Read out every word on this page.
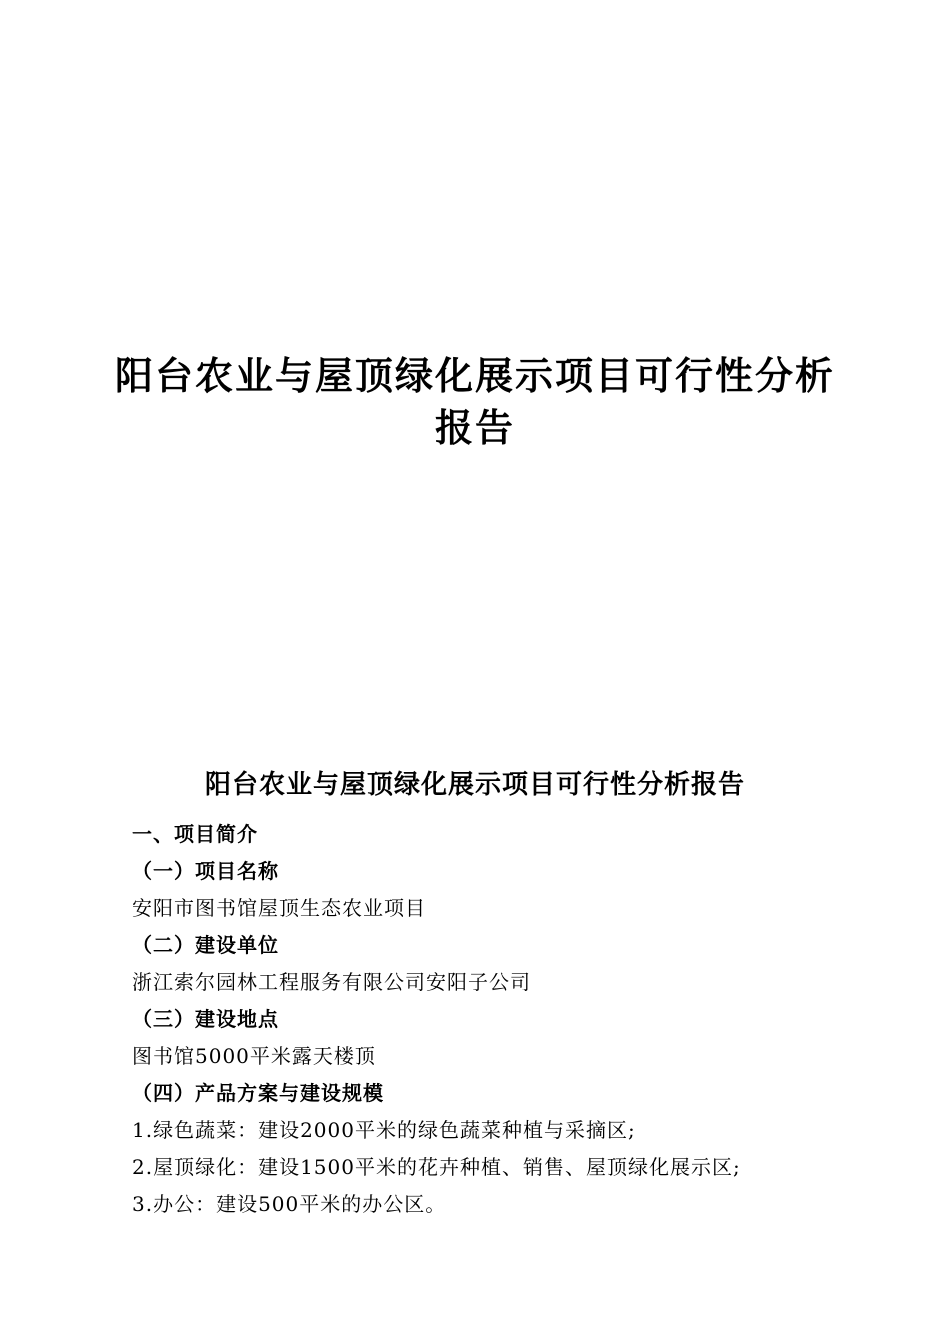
阳台农业与屋顶绿化展示项目可行性分析
报告
阳台农业与屋顶绿化展示项目可行性分析报告
一、项目简介
（一）项目名称
安阳市图书馆屋顶生态农业项目
（二）建设单位
浙江索尔园林工程服务有限公司安阳子公司
（三）建设地点
图书馆5000平米露天楼顶
（四）产品方案与建设规模
1.绿色蔬菜：建设2000平米的绿色蔬菜种植与采摘区;
2.屋顶绿化：建设1500平米的花卉种植、销售、屋顶绿化展示区;
3.办公：建设500平米的办公区。
